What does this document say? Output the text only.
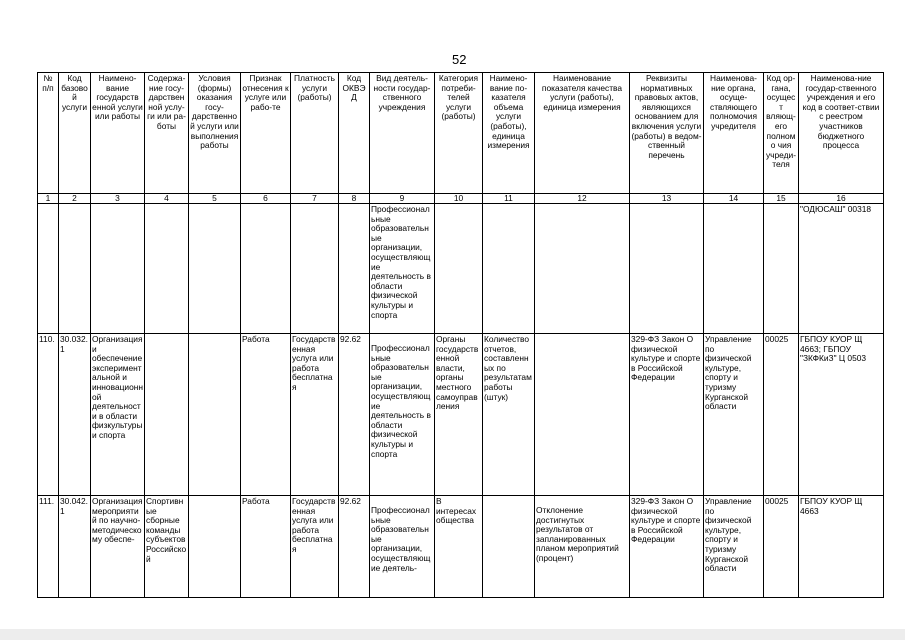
52
№ п/п	Код базовой услуги	Наимено-вание государств енной услуги или работы	Содержа-ние госу-дарствен ной услу-ги или ра-боты	Условия (формы) оказания госу-дарственно й услуги или выполнения работы	Признак отнесения к услуге или рабо-те	Платность услуги (работы)	Код ОКВЭД	Вид деятель-ности государ-ственного учреждения	Категория потреби-телей услуги (работы)	Наимено-вание по-казателя объема услуги (работы), единица измерения	Наименование показателя качества услуги (работы), единица измерения	Реквизиты нормативных правовых актов, являющихся основанием для включения услуги (работы) в ведом-ственный перечень	Наименова-ние органа, осуще-ствляющего полномочия учредителя	Код ор-гана, осущест вляющ-его полномо чия учреди-теля	Наименова-ние государ-ственного учреждения и его код в соответ-ствии с реестром участников бюджетного процесса
1	2	3	4	5	6	7	8	9	10	11	12	13	14	15	16
								Профессиональные образовательные организации, осуществляющие деятельность в области физической культуры и спорта							"ОДЮСАШ" 00318
110.	30.032.1	Организация и обеспечение экспериментальной и инновационной деятельности в области физкультуры и спорта			Работа	Государственная услуга или работа бесплатная	92.62	Профессиональные образовательные организации, осуществляющие деятельность в области физической культуры и спорта	Органы государственной власти, органы местного самоуправления	Количество отчетов, составленных по результатам работы (штук)		329-ФЗ Закон О физической культуре и спорте в Российской Федерации	Управление по физической культуре, спорту и туризму Курганской области	00025	ГБПОУ КУОР Щ 4663; ГБПОУ "ЗКФКиЗ" Ц 0503
111.	30.042.1	Организация мероприятий по научно-методическому обеспе-	Спортивные сборные команды субъектов Российской		Работа	Государственная услуга или работа бесплатная	92.62	Профессиональные образовательные организации, осуществляющие деятель-	В интересах общества		Отклонение достигнутых результатов от запланированных планом мероприятий (процент)	329-ФЗ Закон О физической культуре и спорте в Российской Федерации	Управление по физической культуре, спорту и туризму Курганской области	00025	ГБПОУ КУОР Щ 4663
